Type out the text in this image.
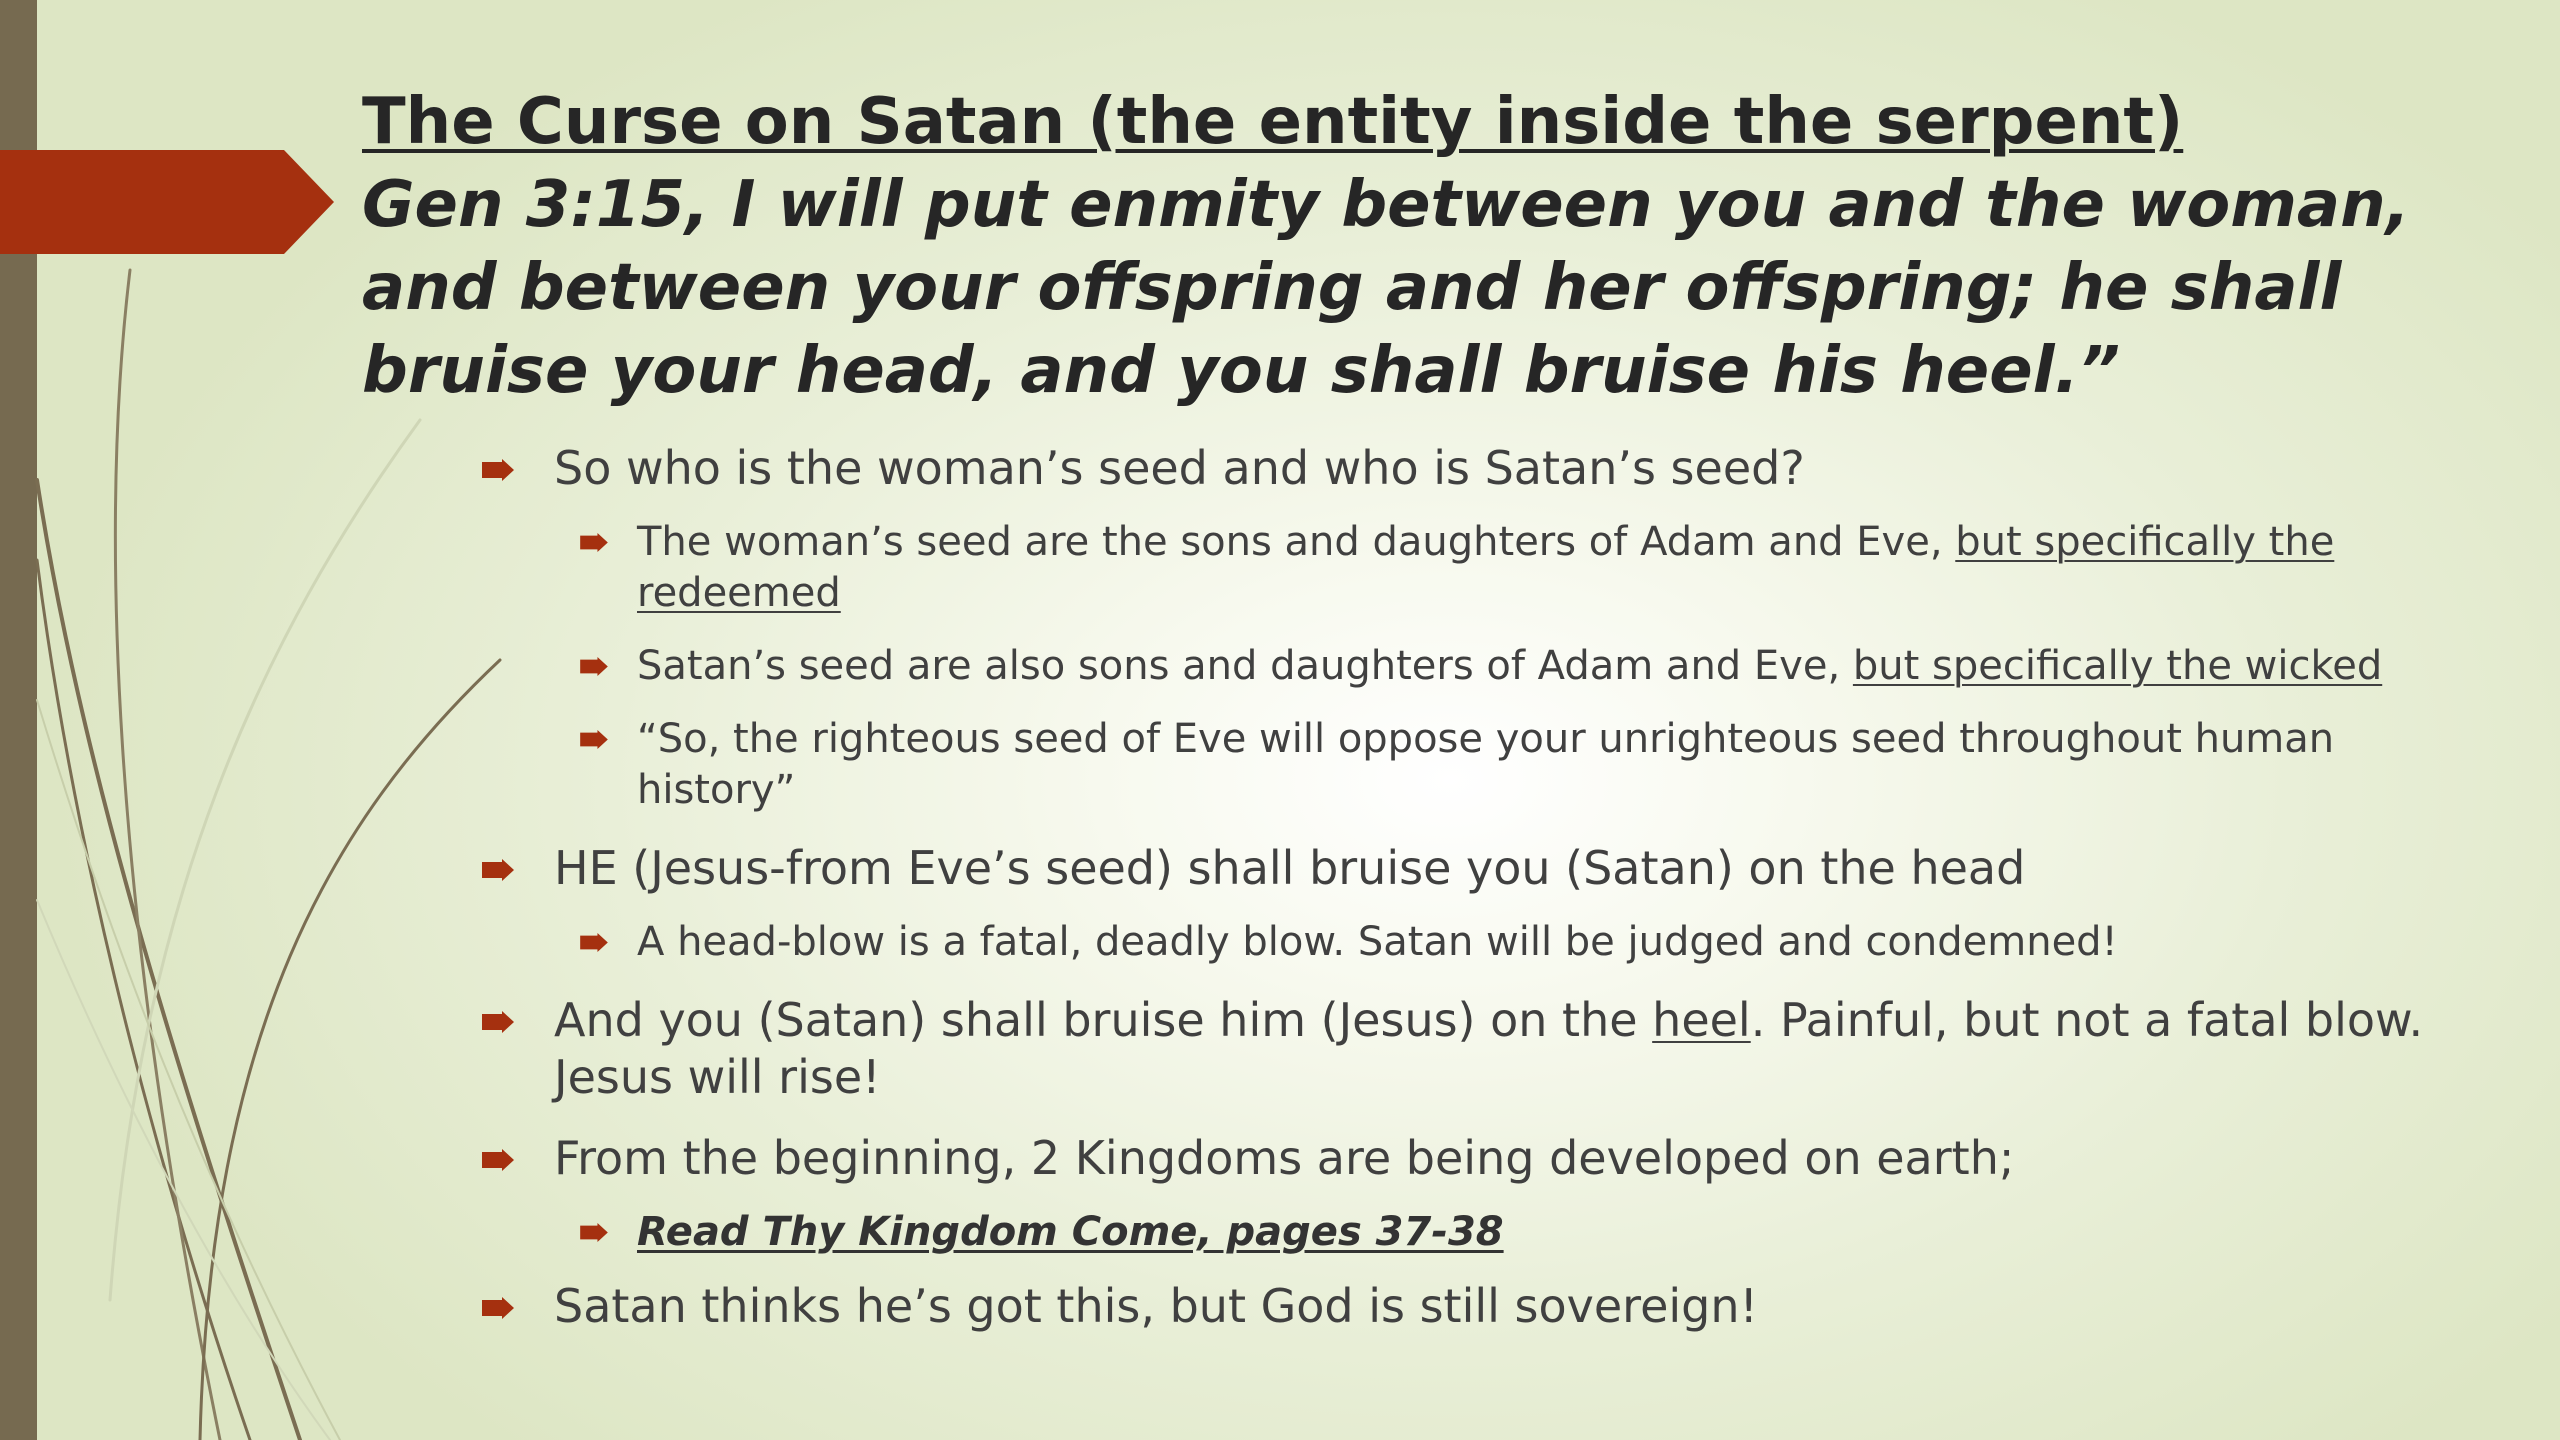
The Curse on Satan (the entity inside the serpent)

Gen 3:15, I will put enmity between you and the woman, and between your offspring and her offspring; he shall bruise your head, and you shall bruise his heel.”

So who is the woman’s seed and who is Satan’s seed?
The woman’s seed are the sons and daughters of Adam and Eve, but specifically the redeemed
Satan’s seed are also sons and daughters of Adam and Eve, but specifically the wicked
“So, the righteous seed of Eve will oppose your unrighteous seed throughout human history”
HE (Jesus-from Eve’s seed) shall bruise you (Satan) on the head
A head-blow is a fatal, deadly blow. Satan will be judged and condemned!
And you (Satan) shall bruise him (Jesus) on the heel. Painful, but not a fatal blow. Jesus will rise!
From the beginning, 2 Kingdoms are being developed on earth;
Read Thy Kingdom Come, pages 37-38
Satan thinks he’s got this, but God is still sovereign!
